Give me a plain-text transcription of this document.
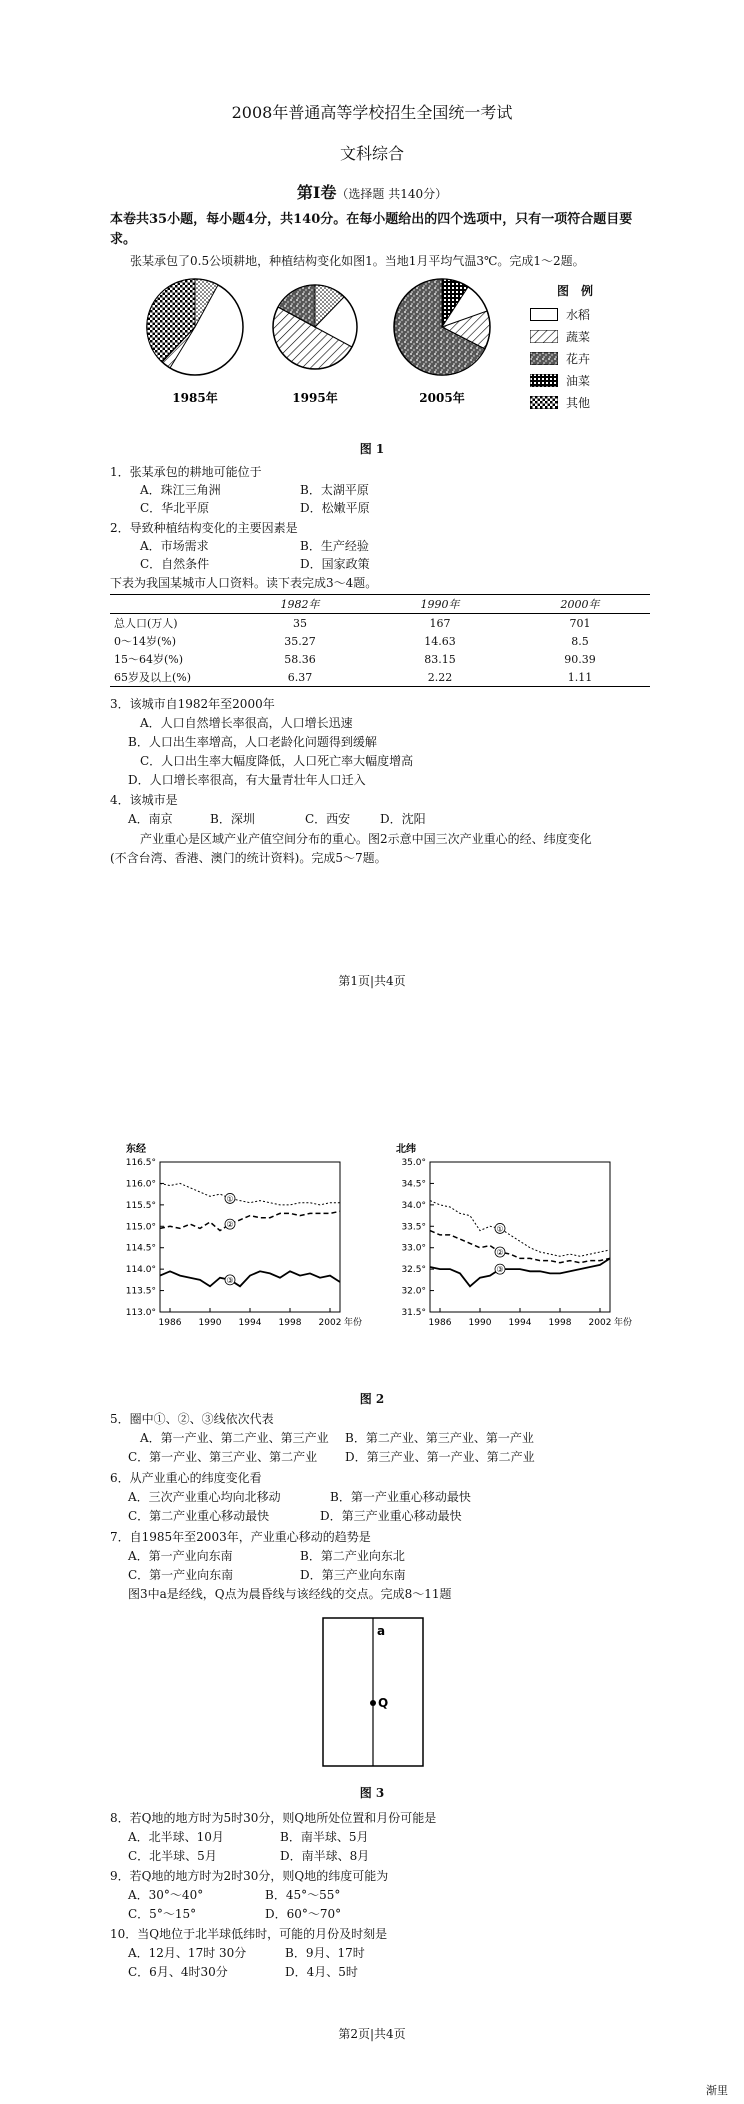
2008年普通高等学校招生全国统一考试
文科综合
第Ⅰ卷（选择题 共140分）
本卷共35小题，每小题4分，共140分。在每小题给出的四个选项中，只有一项符合题目要求。
张某承包了0.5公顷耕地，种植结构变化如图1。当地1月平均气温3℃。完成1～2题。
1985年	1995年	2005年
图　例
水稻
蔬菜
花卉
油菜
其他
图 1
1．张某承包的耕地可能位于
A．珠江三角洲	B．太湖平原
C．华北平原	D．松嫩平原
2．导致种植结构变化的主要因素是
A．市场需求	B．生产经验
C．自然条件	D．国家政策
下表为我国某城市人口资料。读下表完成3～4题。
	1982年	1990年	2000年
总人口(万人)	35	167	701
0～14岁(%)	35.27	14.63	8.5
15～64岁(%)	58.36	83.15	90.39
65岁及以上(%)	6.37	2.22	1.11
3．该城市自1982年至2000年
A．人口自然增长率很高，人口增长迅速
B．人口出生率增高，人口老龄化问题得到缓解
C．人口出生率大幅度降低，人口死亡率大幅度增高
D．人口增长率很高，有大量青壮年人口迁入
4．该城市是
A．南京	B．深圳	C．西安 D．沈阳
产业重心是区域产业产值空间分布的重心。图2示意中国三次产业重心的经、纬度变化
(不含台湾、香港、澳门的统计资料)。完成5～7题。
第1页|共4页
东经
116.5°
116.0°
115.5°
115.0°
114.5°
114.0°
113.5°
113.0°
1986 1990 1994 1998 2002 年份
①
②
③
北纬
35.0°
34.5°
34.0°
33.5°
33.0°
32.5°
32.0°
31.5°
1986 1990 1994 1998 2002 年份
①
②
③
图 2
5．圈中①、②、③线依次代表
A．第一产业、第二产业、第三产业 B．第二产业、第三产业、第一产业
C．第一产业、第三产业、第二产业 D．第三产业、第一产业、第二产业
6．从产业重心的纬度变化看
A．三次产业重心均向北移动	B．第一产业重心移动最快
C．第二产业重心移动最快	D．第三产业重心移动最快
7．自1985年至2003年，产业重心移动的趋势是
A．第一产业向东南	B．第二产业向东北
C．第一产业向东南	D．第三产业向东南
图3中a是经线，Q点为晨昏线与该经线的交点。完成8～11题
a
Q
图 3
8．若Q地的地方时为5时30分，则Q地所处位置和月份可能是
A．北半球、10月	B．南半球、5月
C．北半球、5月	D．南半球、8月
9．若Q地的地方时为2时30分，则Q地的纬度可能为
A．30°～40°	B．45°～55°
C．5°～15°	D．60°～70°
10．当Q地位于北半球低纬时，可能的月份及时刻是
A．12月、17时 30分	B．9月、17时
C．6月、4时30分	D．4月、5时
第2页|共4页
渐里
